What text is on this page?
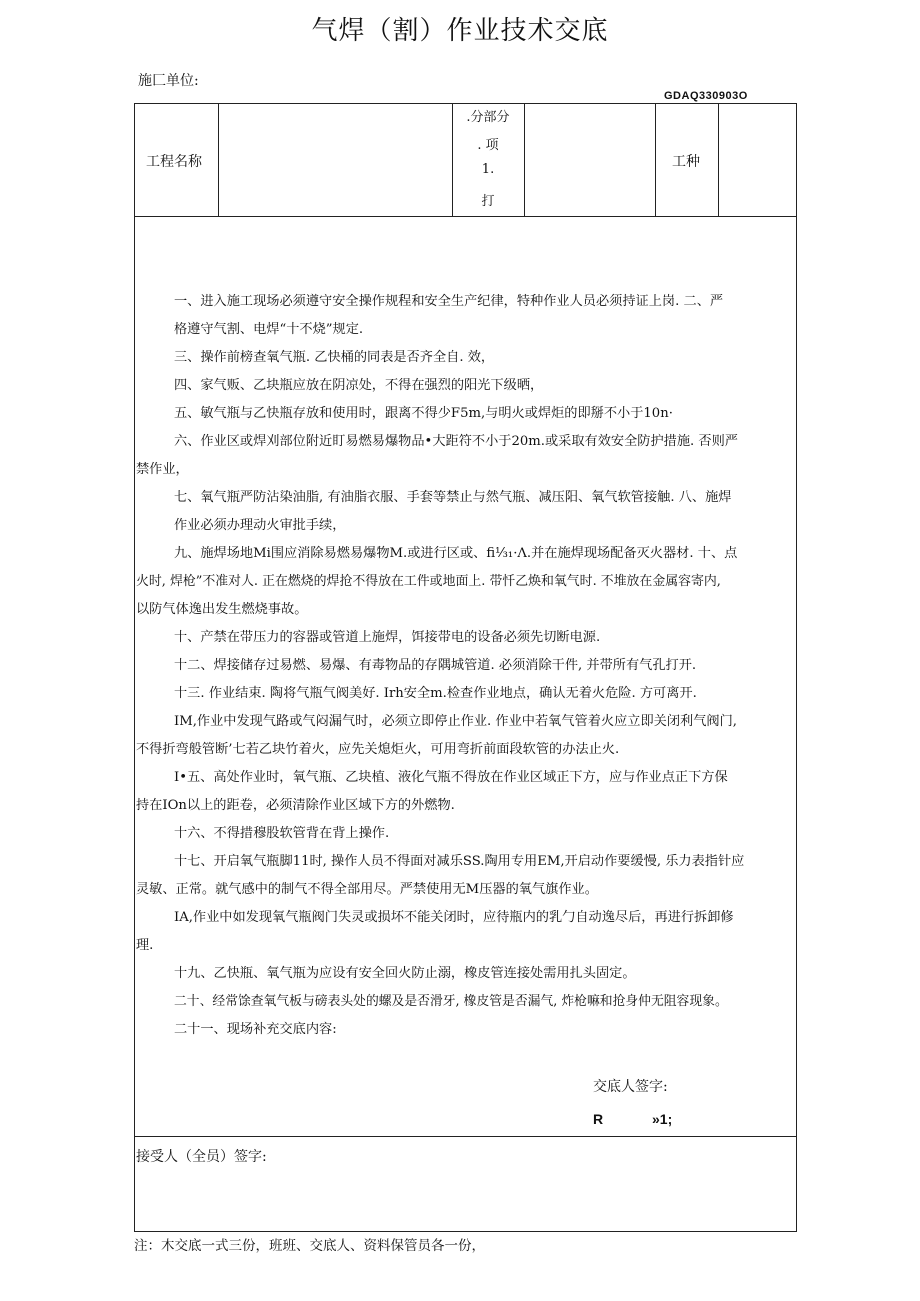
气焊（割）作业技术交底
施匚单位:
GDAQ330903O
工程名称
.分部分
. 项
1.
打
工种
一、进入施工现场必须遵守安全操作规程和安全生产纪律，特种作业人员必须持证上岗. 二、严
格遵守气割、电焊“十不烧”规定.
三、操作前榜查氧气瓶. 乙快桶的同表是否齐全自. 效，
四、家气贩、乙块瓶应放在阴凉处，不得在强烈的阳光下级晒，
五、敏气瓶与乙快瓶存放和使用时，跟离不得少F5m,与明火或焊炬的即掰不小于10n·
六、作业区或焊刈部位附近盯易燃易爆物品•大距符不小于20m.或采取有效安全防护措施. 否则严
禁作业，
七、氧气瓶严防沾染油脂, 有油脂衣服、手套等禁止与然气瓶、减压阳、氧气软管接触. 八、施焊
作业必须办理动火审批手续，
九、施焊场地Mi围应消除易燃易爆物M.或进行区或、fi⅓₁·Λ.并在施焊现场配备灭火器材. 十、点
火时, 焊枪”不准对人. 正在燃烧的焊抢不得放在工件或地面上. 带忏乙焕和氧气时. 不堆放在金属容寄内,
以防气体逸出发生燃烧事故。
十、产禁在带压力的容器或管道上施焊，饵接带电的设备必须先切断电源.
十二、焊接储存过易燃、易爆、有毒物品的存隅城管道. 必须消除干件, 并带所有气孔打开.
十三. 作业结束. 陶将气瓶气阀美好. Irh安全m.检查作业地点，确认无着火危险. 方可离开.
IM,作业中发现气路或气闷漏气时，必须立即停止作业. 作业中若氧气管着火应立即关闭利气阀门,
不得折弯般管断’七若乙块竹着火，应先关熄炬火，可用弯折前面段软管的办法止火.
I•五、高处作业时，氧气瓶、乙块植、液化气瓶不得放在作业区域正下方，应与作业点正下方保
持在IOn以上的距卷，必须清除作业区域下方的外燃物.
十六、不得措穆股软管背在背上操作.
十七、开启氧气瓶脚11时, 操作人员不得面对减乐SS.陶用专用EM,开启动作要缓慢, 乐力表指针应
灵敏、正常。就气感中的制气不得全部用尽。严禁使用无M压器的氧气旗作业。
IA,作业中如发现氧气瓶阀门失灵或损坏不能关闭时，应待瓶内的乳勹自动逸尽后，再进行拆卸修
理.
十九、乙快瓶、氧气瓶为应设有安全回火防止溺，橡皮管连接处需用扎头固定。
二十、经常馀查氧气板与磅表头处的螺及是否滑牙, 橡皮管是否漏气, 炸枪嘛和抢身仲无阻容现象。
二十一、现场补充交底内容:
交底人签字:
R	»1;
接受人（全员）签字:
注：木交底一式三份，班班、交底人、资料保管员各一份，
